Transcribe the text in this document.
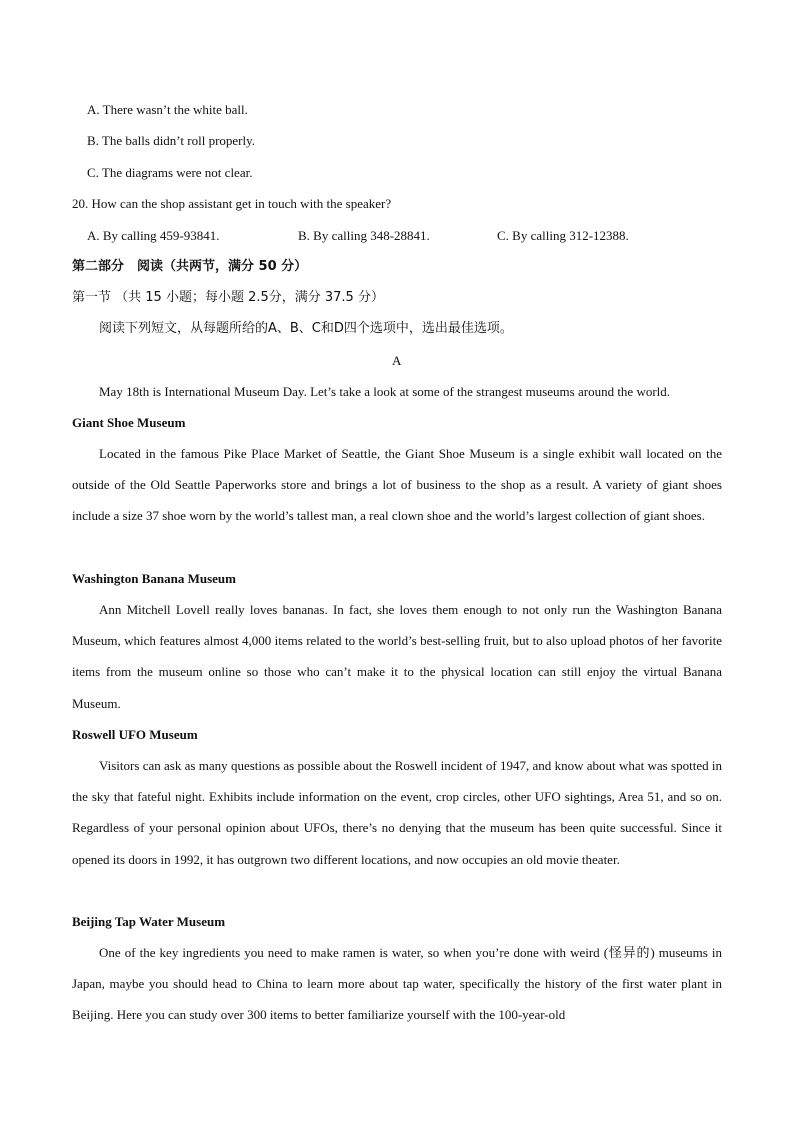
A. There wasn’t the white ball.
B. The balls didn’t roll properly.
C. The diagrams were not clear.
20. How can the shop assistant get in touch with the speaker?
A. By calling 459-93841.	B. By calling 348-28841.	C. By calling 312-12388.
第二部分　阅读（共两节，满分 50 分）
第一节 （共 15 小题；每小题 2.5分，满分 37.5 分）
阅读下列短文，从每题所给的A、B、C和D四个选项中，选出最佳选项。
A
May 18th is International Museum Day. Let’s take a look at some of the strangest museums around the world.
Giant Shoe Museum
Located in the famous Pike Place Market of Seattle, the Giant Shoe Museum is a single exhibit wall located on the outside of the Old Seattle Paperworks store and brings a lot of business to the shop as a result. A variety of giant shoes include a size 37 shoe worn by the world’s tallest man, a real clown shoe and the world’s largest collection of giant shoes.
Washington Banana Museum
Ann Mitchell Lovell really loves bananas. In fact, she loves them enough to not only run the Washington Banana Museum, which features almost 4,000 items related to the world’s best-selling fruit, but to also upload photos of her favorite items from the museum online so those who can’t make it to the physical location can still enjoy the virtual Banana Museum.
Roswell UFO Museum
Visitors can ask as many questions as possible about the Roswell incident of 1947, and know about what was spotted in the sky that fateful night. Exhibits include information on the event, crop circles, other UFO sightings, Area 51, and so on. Regardless of your personal opinion about UFOs, there’s no denying that the museum has been quite successful. Since it opened its doors in 1992, it has outgrown two different locations, and now occupies an old movie theater.
Beijing Tap Water Museum
One of the key ingredients you need to make ramen is water, so when you’re done with weird (怪异的) museums in Japan, maybe you should head to China to learn more about tap water, specifically the history of the first water plant in Beijing. Here you can study over 300 items to better familiarize yourself with the 100-year-old
